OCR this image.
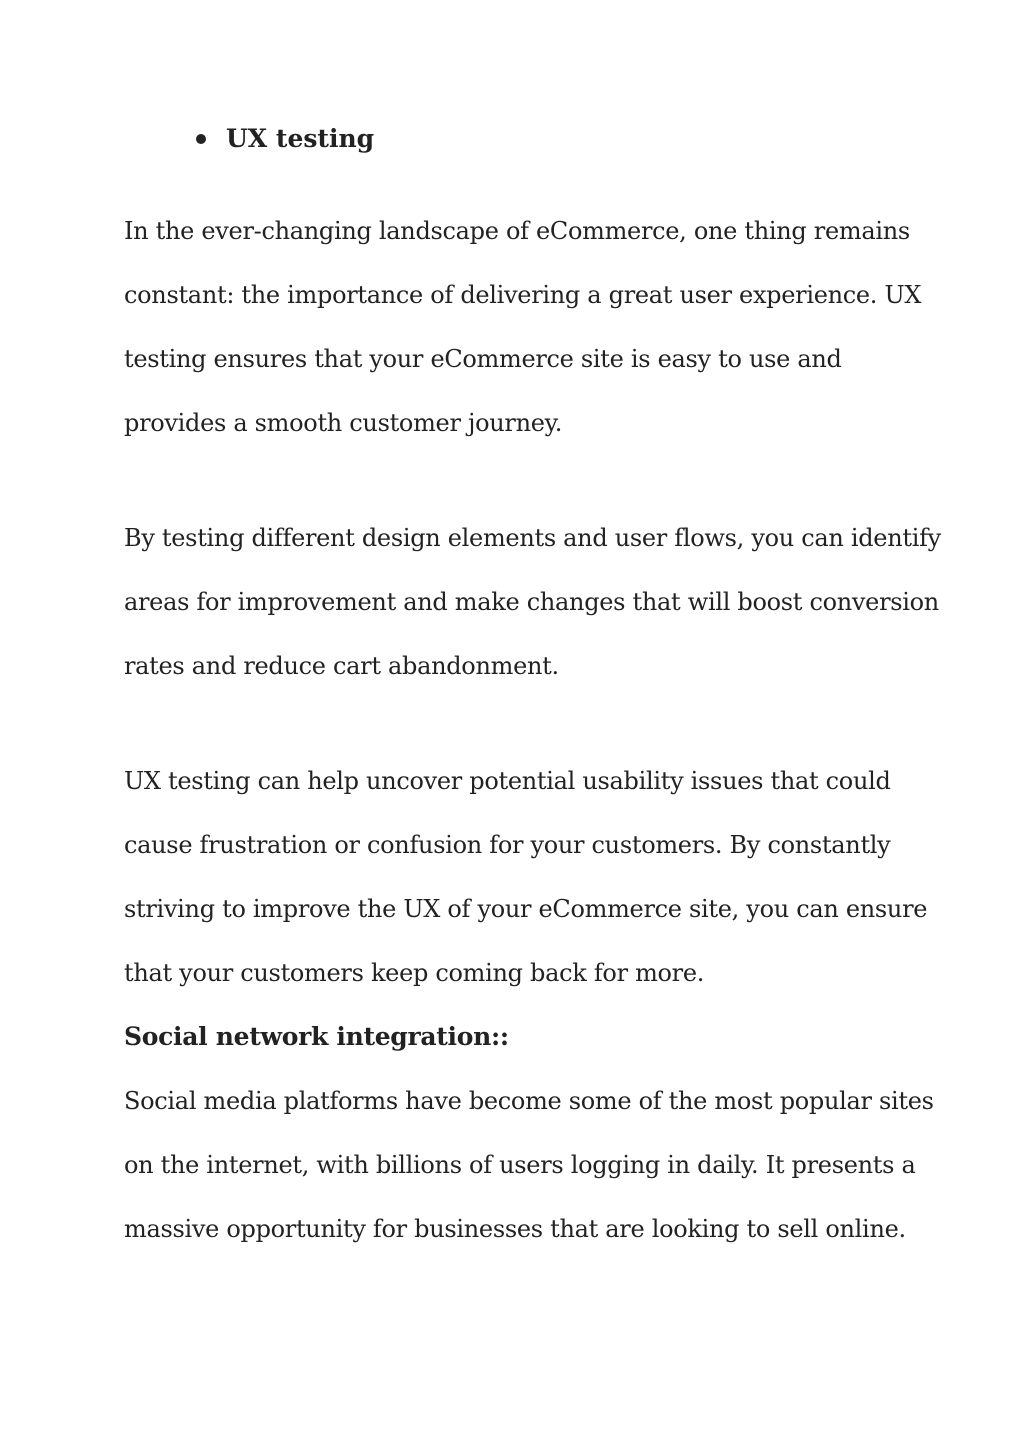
UX testing
In the ever-changing landscape of eCommerce, one thing remains
constant: the importance of delivering a great user experience. UX
testing ensures that your eCommerce site is easy to use and
provides a smooth customer journey.
By testing different design elements and user flows, you can identify
areas for improvement and make changes that will boost conversion
rates and reduce cart abandonment.
UX testing can help uncover potential usability issues that could
cause frustration or confusion for your customers. By constantly
striving to improve the UX of your eCommerce site, you can ensure
that your customers keep coming back for more.
Social network integration::
Social media platforms have become some of the most popular sites
on the internet, with billions of users logging in daily. It presents a
massive opportunity for businesses that are looking to sell online.
